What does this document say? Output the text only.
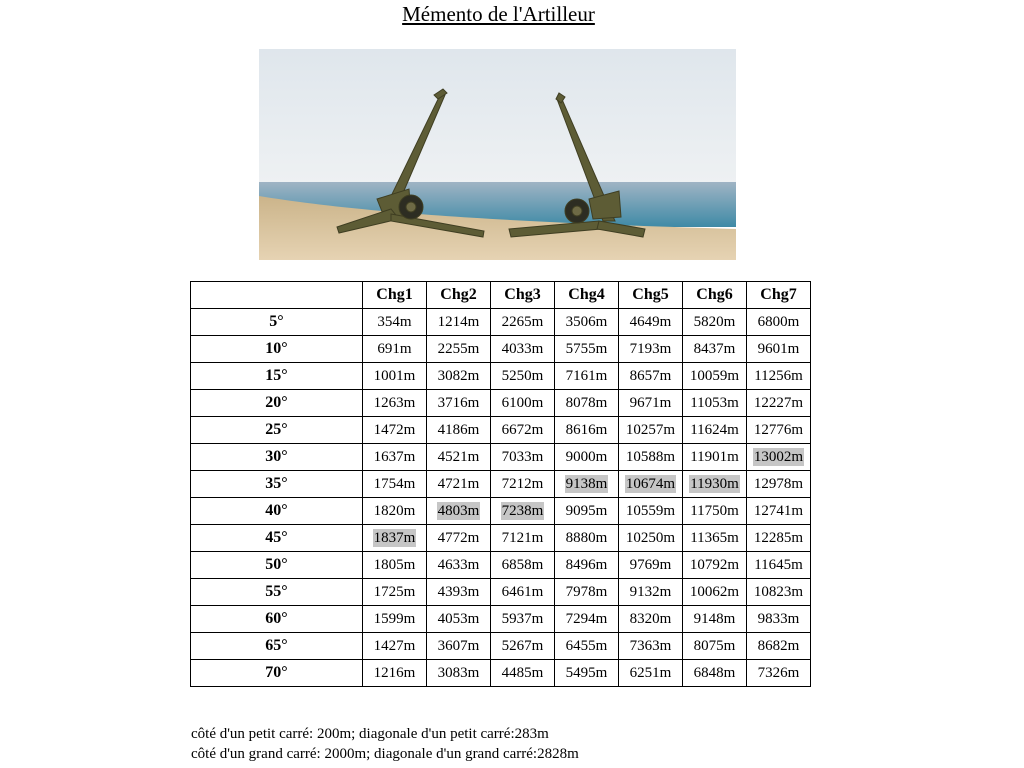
Mémento de l'Artilleur
	Chg1	Chg2	Chg3	Chg4	Chg5	Chg6	Chg7
5°	354m	1214m	2265m	3506m	4649m	5820m	6800m
10°	691m	2255m	4033m	5755m	7193m	8437m	9601m
15°	1001m	3082m	5250m	7161m	8657m	10059m	11256m
20°	1263m	3716m	6100m	8078m	9671m	11053m	12227m
25°	1472m	4186m	6672m	8616m	10257m	11624m	12776m
30°	1637m	4521m	7033m	9000m	10588m	11901m	13002m
35°	1754m	4721m	7212m	9138m	10674m	11930m	12978m
40°	1820m	4803m	7238m	9095m	10559m	11750m	12741m
45°	1837m	4772m	7121m	8880m	10250m	11365m	12285m
50°	1805m	4633m	6858m	8496m	9769m	10792m	11645m
55°	1725m	4393m	6461m	7978m	9132m	10062m	10823m
60°	1599m	4053m	5937m	7294m	8320m	9148m	9833m
65°	1427m	3607m	5267m	6455m	7363m	8075m	8682m
70°	1216m	3083m	4485m	5495m	6251m	6848m	7326m
côté d'un petit carré: 200m; diagonale d'un petit carré:283m
côté d'un grand carré: 2000m; diagonale d'un grand carré:2828m
